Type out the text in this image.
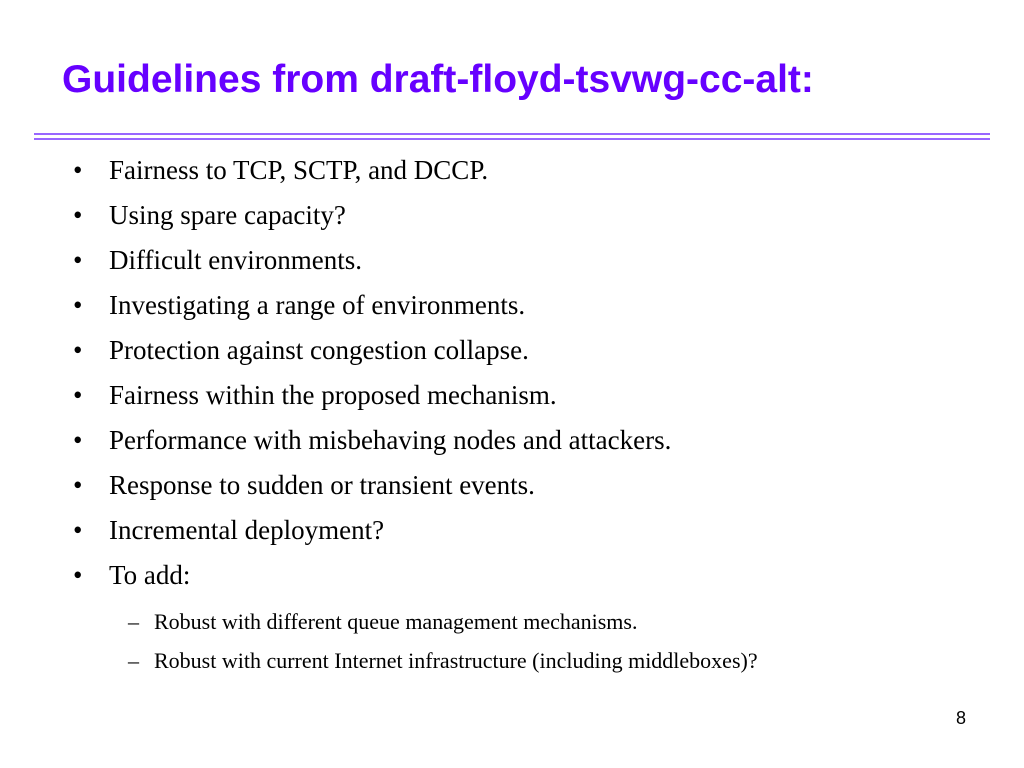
Guidelines from draft-floyd-tsvwg-cc-alt:
• Fairness to TCP, SCTP, and DCCP.
• Using spare capacity?
• Difficult environments.
• Investigating a range of environments.
• Protection against congestion collapse.
• Fairness within the proposed mechanism.
• Performance with misbehaving nodes and attackers.
• Response to sudden or transient events.
• Incremental deployment?
• To add:
– Robust with different queue management mechanisms.
– Robust with current Internet infrastructure (including middleboxes)?
8
